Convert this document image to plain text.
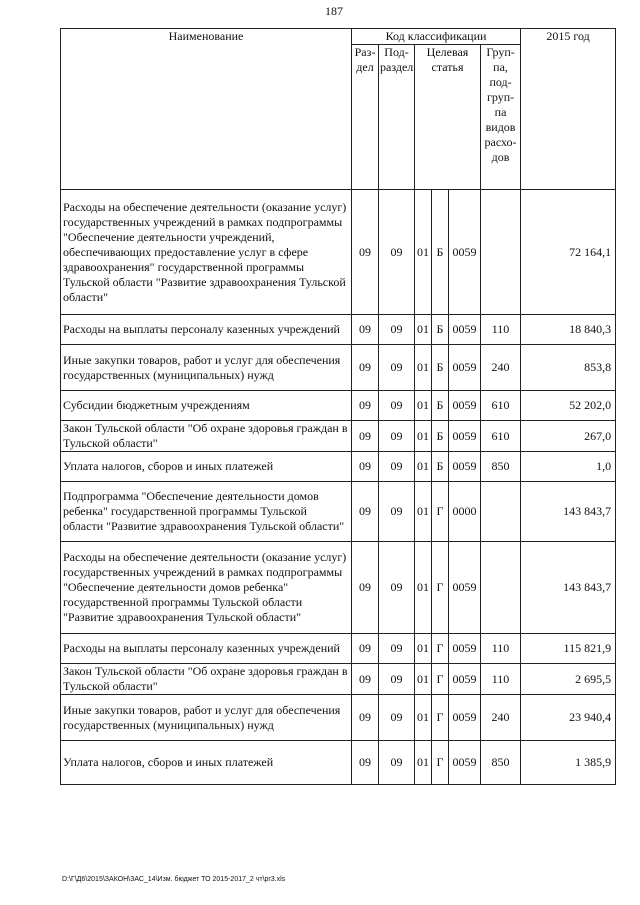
187
Наименование	Код классификации						2015 год
	Раз-дел	Под-раздел	Целевая статья			Груп-па, под-груп-па видов расхо-дов	
Расходы на обеспечение деятельности (оказание услуг) государственных учреждений в рамках подпрограммы "Обеспечение деятельности учреждений, обеспечивающих предоставление услуг в сфере здравоохранения" государственной программы Тульской области "Развитие здравоохранения Тульской области"	09	09	01	Б	0059		72 164,1
Расходы на выплаты персоналу казенных учреждений	09	09	01	Б	0059	110	18 840,3
Иные закупки товаров, работ и услуг для обеспечения государственных (муниципальных) нужд	09	09	01	Б	0059	240	853,8
Субсидии бюджетным учреждениям	09	09	01	Б	0059	610	52 202,0
Закон Тульской области "Об охране здоровья граждан в Тульской области"	09	09	01	Б	0059	610	267,0
Уплата налогов, сборов и иных платежей	09	09	01	Б	0059	850	1,0
Подпрограмма "Обеспечение деятельности домов ребенка" государственной программы Тульской области "Развитие здравоохранения Тульской области"	09	09	01	Г	0000		143 843,7
Расходы на обеспечение деятельности (оказание услуг) государственных учреждений в рамках подпрограммы "Обеспечение деятельности домов ребенка" государственной программы Тульской области "Развитие здравоохранения Тульской области"	09	09	01	Г	0059		143 843,7
Расходы на выплаты персоналу казенных учреждений	09	09	01	Г	0059	110	115 821,9
Закон Тульской области "Об охране здоровья граждан в Тульской области"	09	09	01	Г	0059	110	2 695,5
Иные закупки товаров, работ и услуг для обеспечения государственных (муниципальных) нужд	09	09	01	Г	0059	240	23 940,4
Уплата налогов, сборов и иных платежей	09	09	01	Г	0059	850	1 385,9
D:\Г\Д6\2015\ЗАКОН\ЗАС_14\Изм. бюджет ТО 2015-2017_2 чт\pr3.xls
